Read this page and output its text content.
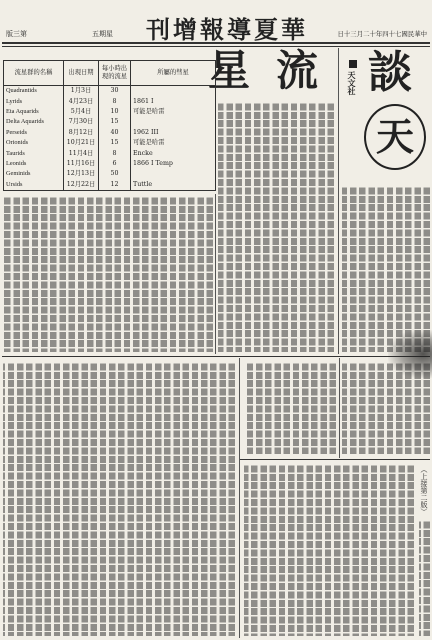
第三版	星期五 華夏導報增刊	中華民國七十四年十二月三十日
天文社 談
天
流星
流星群的名稱	出現日期	每小時出現的流星	所屬的彗星
Quadrantids	1月3日	30	
Lyrids	4月23日	8	1861 I
Eta Aquarids	5月4日	10	可能是哈雷
Delta Aquarids	7月30日	15	
Perseids	8月12日	40	1962 III
Orionids	10月21日	15	可能是哈雷
Taurids	11月4日	8	Encke
Leonids	11月16日	6	1866 I Temp
Geminids	12月13日	50	
Ursids	12月22日	12	Tuttle
（上接第二版）
